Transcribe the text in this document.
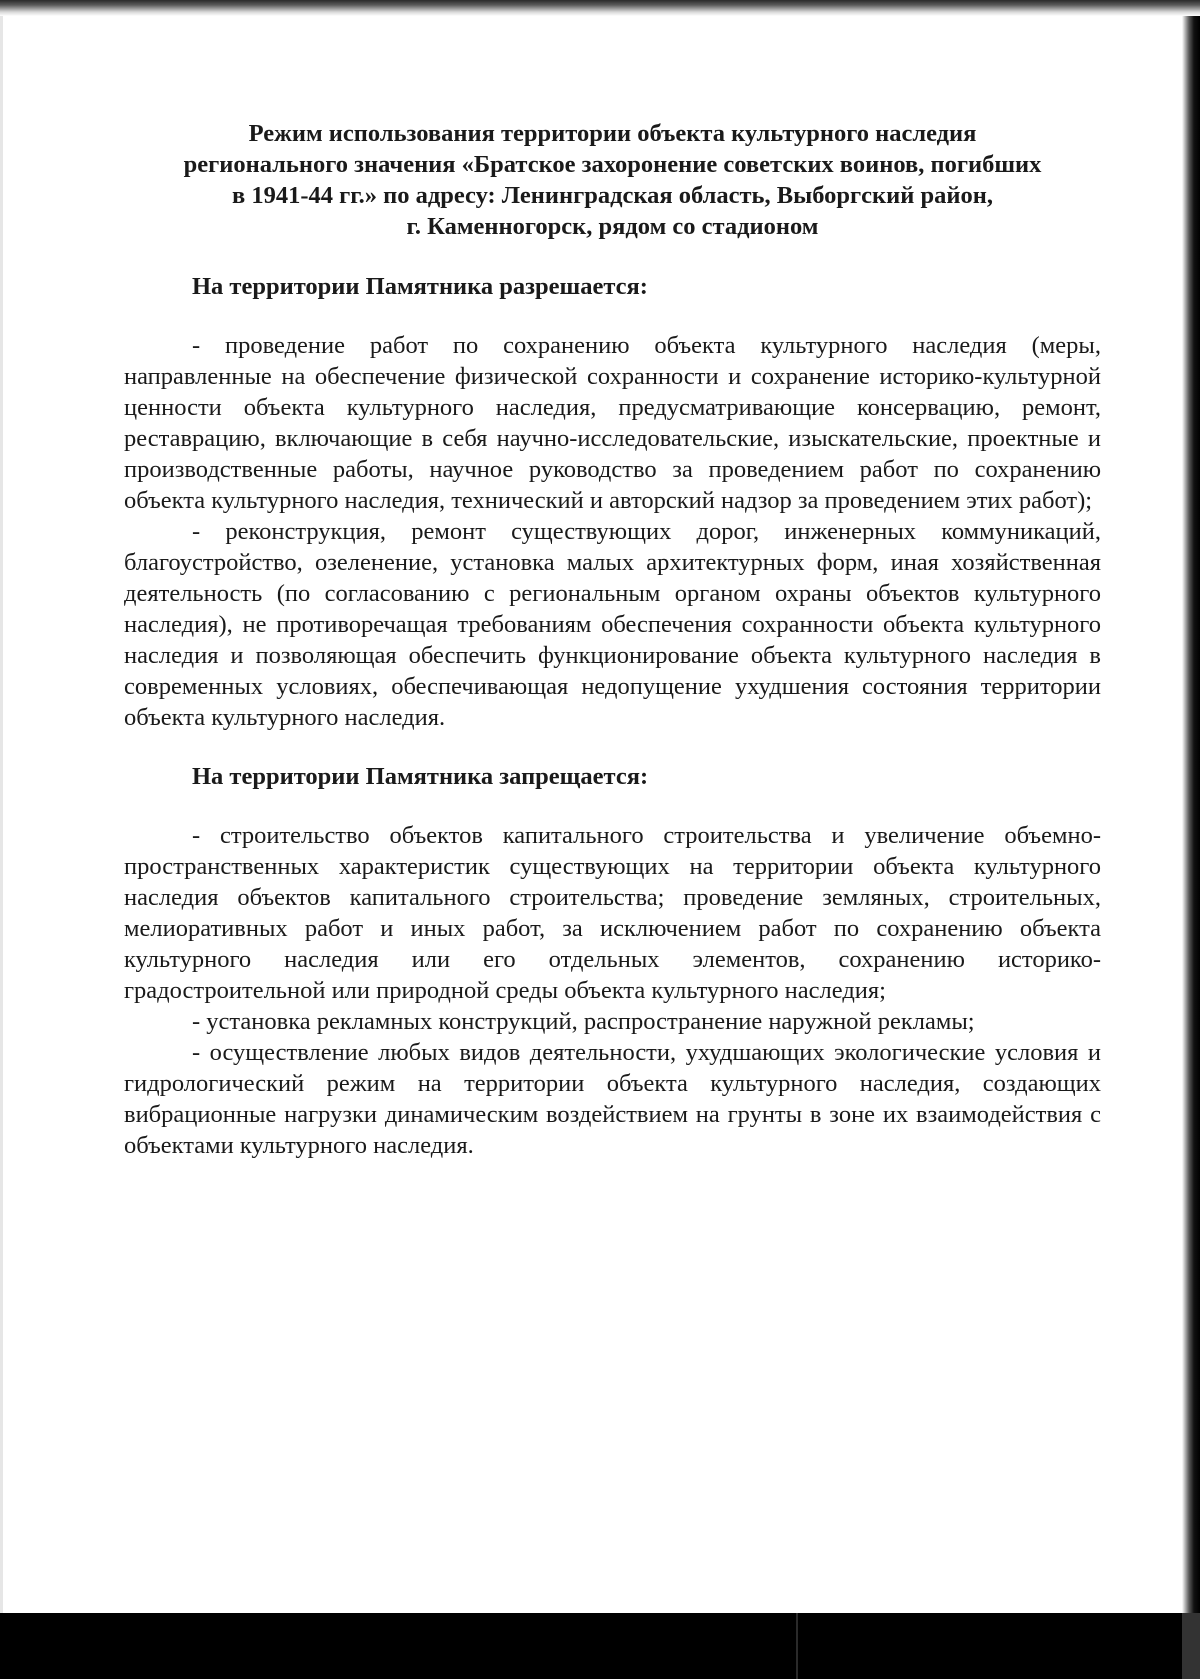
Режим использования территории объекта культурного наследия
регионального значения «Братское захоронение советских воинов, погибших
в 1941-44 гг.» по адресу: Ленинградская область, Выборгский район,
г. Каменногорск, рядом со стадионом
На территории Памятника разрешается:

- проведение работ по сохранению объекта культурного наследия (меры, направленные на обеспечение физической сохранности и сохранение историко-культурной ценности объекта культурного наследия, предусматривающие консервацию, ремонт, реставрацию, включающие в себя научно-исследовательские, изыскательские, проектные и производственные работы, научное руководство за проведением работ по сохранению объекта культурного наследия, технический и авторский надзор за проведением этих работ);

- реконструкция, ремонт существующих дорог, инженерных коммуникаций, благоустройство, озеленение, установка малых архитектурных форм, иная хозяйственная деятельность (по согласованию с региональным органом охраны объектов культурного наследия), не противоречащая требованиям обеспечения сохранности объекта культурного наследия и позволяющая обеспечить функционирование объекта культурного наследия в современных условиях, обеспечивающая недопущение ухудшения состояния территории объекта культурного наследия.

На территории Памятника запрещается:

- строительство объектов капитального строительства и увеличение объемно-пространственных характеристик существующих на территории объекта культурного наследия объектов капитального строительства; проведение земляных, строительных, мелиоративных работ и иных работ, за исключением работ по сохранению объекта культурного наследия или его отдельных элементов, сохранению историко-градостроительной или природной среды объекта культурного наследия;

- установка рекламных конструкций, распространение наружной рекламы;

- осуществление любых видов деятельности, ухудшающих экологические условия и гидрологический режим на территории объекта культурного наследия, создающих вибрационные нагрузки динамическим воздействием на грунты в зоне их взаимодействия с объектами культурного наследия.
